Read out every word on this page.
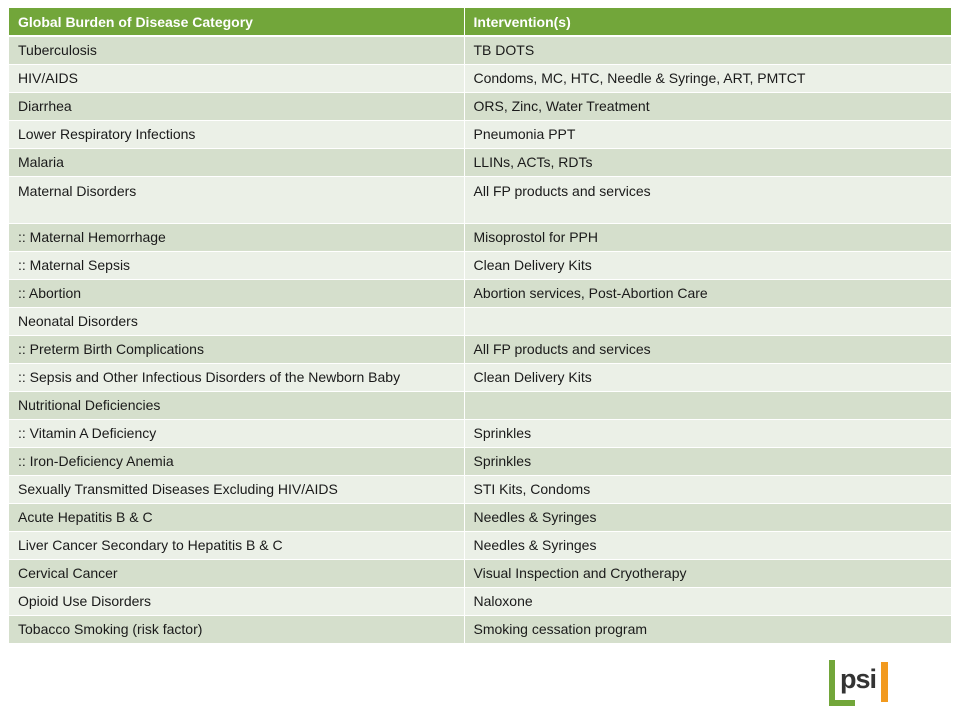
Global Burden of Disease Category	Intervention(s)
Tuberculosis	TB DOTS
HIV/AIDS	Condoms, MC, HTC, Needle & Syringe, ART, PMTCT
Diarrhea	ORS, Zinc, Water Treatment
Lower Respiratory Infections	Pneumonia PPT
Malaria	LLINs, ACTs, RDTs
Maternal Disorders	All FP products and services
:: Maternal Hemorrhage	Misoprostol for PPH
:: Maternal Sepsis	Clean Delivery Kits
:: Abortion	Abortion services, Post-Abortion Care
Neonatal Disorders	
:: Preterm Birth Complications	All FP products and services
:: Sepsis and Other Infectious Disorders of the Newborn Baby	Clean Delivery Kits
Nutritional Deficiencies	
:: Vitamin A Deficiency	Sprinkles
:: Iron-Deficiency Anemia	Sprinkles
Sexually Transmitted Diseases Excluding HIV/AIDS	STI Kits, Condoms
Acute Hepatitis B & C	Needles & Syringes
Liver Cancer Secondary to Hepatitis B & C	Needles & Syringes
Cervical Cancer	Visual Inspection and Cryotherapy
Opioid Use Disorders	Naloxone
Tobacco Smoking (risk factor)	Smoking cessation program
psi
